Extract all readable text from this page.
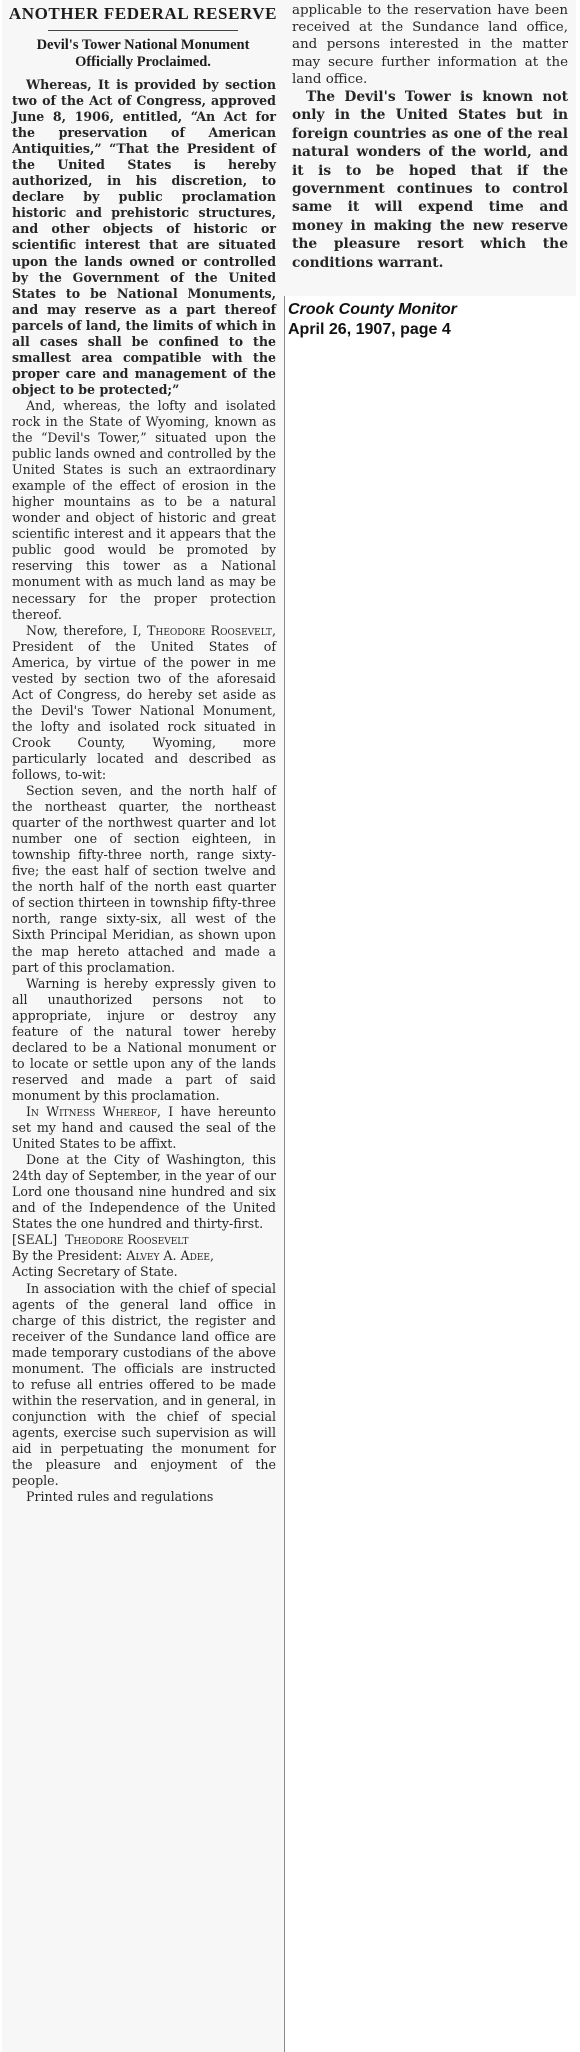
ANOTHER FEDERAL RESERVE
Devil's Tower National Monument Officially Proclaimed.

Whereas, It is provided by section two of the Act of Congress, approved June 8, 1906, entitled, “An Act for the preservation of American Antiquities,” “That the President of the United States is hereby authorized, in his discretion, to declare by public proclamation historic and prehistoric structures, and other objects of historic or scientific interest that are situated upon the lands owned or controlled by the Government of the United States to be National Monuments, and may reserve as a part thereof parcels of land, the limits of which in all cases shall be confined to the smallest area compatible with the proper care and management of the object to be protected;”

And, whereas, the lofty and isolated rock in the State of Wyoming, known as the “Devil's Tower,” situated upon the public lands owned and controlled by the United States is such an extraordinary example of the effect of erosion in the higher mountains as to be a natural wonder and object of historic and great scientific interest and it appears that the public good would be promoted by reserving this tower as a National monument with as much land as may be necessary for the proper protection thereof.

Now, therefore, I, Theodore Roosevelt, President of the United States of America, by virtue of the power in me vested by section two of the aforesaid Act of Congress, do hereby set aside as the Devil's Tower National Monument, the lofty and isolated rock situated in Crook County, Wyoming, more particularly located and described as follows, to-wit:

Section seven, and the north half of the northeast quarter, the northeast quarter of the northwest quarter and lot number one of section eighteen, in township fifty-three north, range sixty-five; the east half of section twelve and the north half of the north east quarter of section thirteen in township fifty-three north, range sixty-six, all west of the Sixth Principal Meridian, as shown upon the map hereto attached and made a part of this proclamation.

Warning is hereby expressly given to all unauthorized persons not to appropriate, injure or destroy any feature of the natural tower hereby declared to be a National monument or to locate or settle upon any of the lands reserved and made a part of said monument by this proclamation.

In Witness Whereof, I have hereunto set my hand and caused the seal of the United States to be affixt.

Done at the City of Washington, this 24th day of September, in the year of our Lord one thousand nine hundred and six and of the Independence of the United States the one hundred and thirty-first.

[SEAL] Theodore Roosevelt

By the President: Alvey A. Adee,

Acting Secretary of State.

In association with the chief of special agents of the general land office in charge of this district, the register and receiver of the Sundance land office are made temporary custodians of the above monument. The officials are instructed to refuse all entries offered to be made within the reservation, and in general, in conjunction with the chief of special agents, exercise such supervision as will aid in perpetuating the monument for the pleasure and enjoyment of the people.

Printed rules and regulations

applicable to the reservation have been received at the Sundance land office, and persons interested in the matter may secure further information at the land office.

The Devil's Tower is known not only in the United States but in foreign countries as one of the real natural wonders of the world, and it is to be hoped that if the government continues to control same it will expend time and money in making the new reserve the pleasure resort which the conditions warrant.

Crook County Monitor
April 26, 1907, page 4
